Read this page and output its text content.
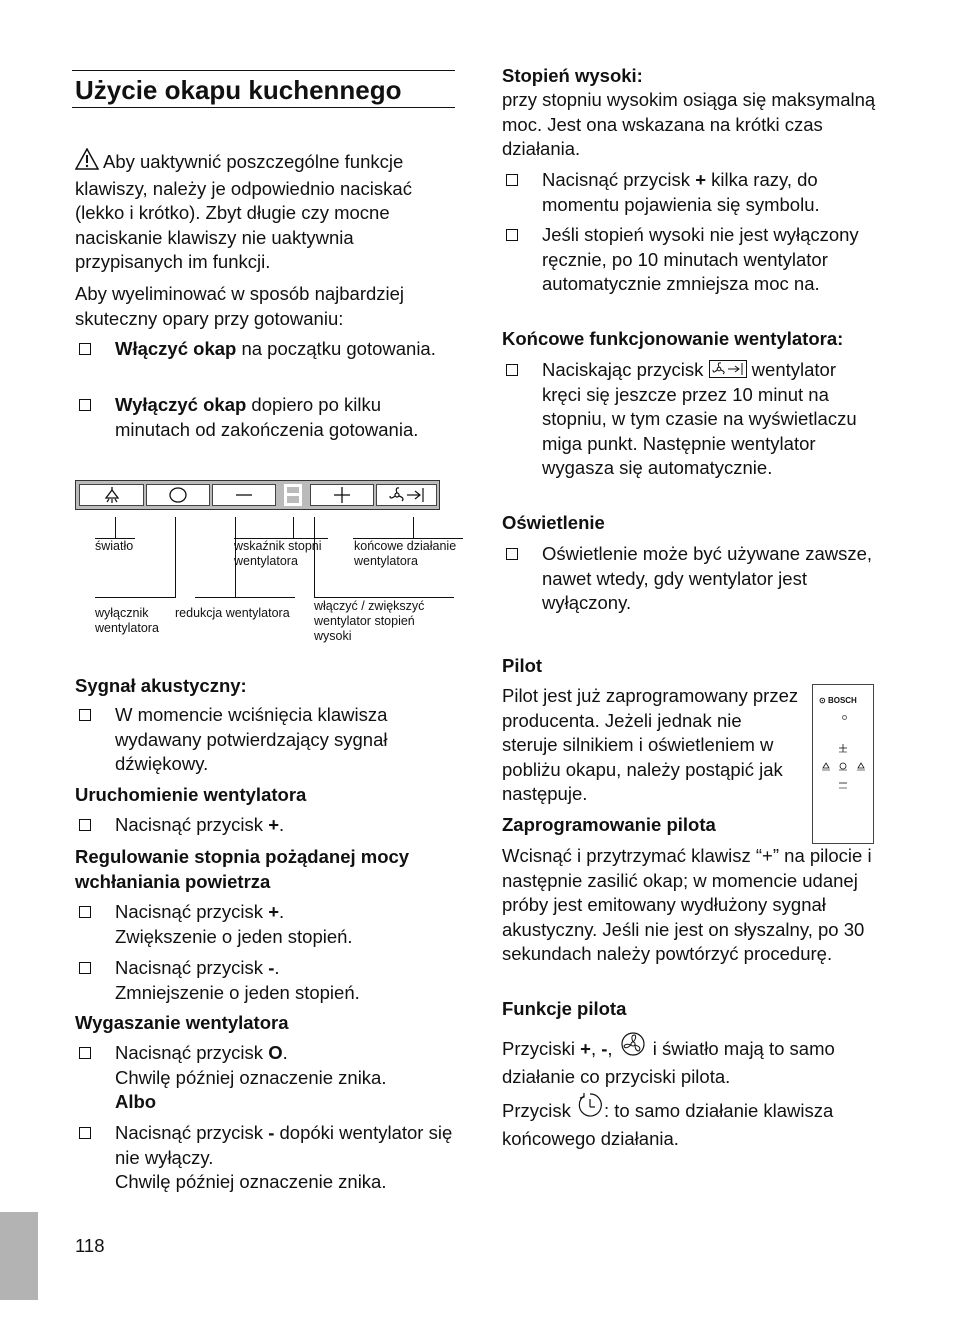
Użycie okapu kuchennego
Aby uaktywnić poszczególne funkcje klawiszy, należy je odpowiednio naciskać (lekko i krótko). Zbyt długie czy mocne naciskanie klawiszy nie uaktywnia przypisanych im funkcji.

Aby wyeliminować w sposób najbardziej skuteczny opary przy gotowaniu:

Włączyć okap na początku gotowania.

Wyłączyć okap dopiero po kilku minutach od zakończenia gotowania.

światło	wskaźnik stopni wentylatora
końcowe działanie wentylatora
wyłącznik wentylatora
redukcja wentylatora włączyć / zwiększyć wentylator stopień wysoki

Sygnał akustyczny:

W momencie wciśnięcia klawisza wydawany potwierdzający sygnał dźwiękowy.

Uruchomienie wentylatora

Nacisnąć przycisk +.

Regulowanie stopnia pożądanej mocy wchłaniania powietrza

Nacisnąć przycisk +.
Zwiększenie o jeden stopień.

Nacisnąć przycisk -.
Zmniejszenie o jeden stopień.

Wygaszanie wentylatora

Nacisnąć przycisk O.
Chwilę później oznaczenie znika.
Albo

Nacisnąć przycisk - dopóki wentylator się nie wyłączy.
Chwilę później oznaczenie znika.

118

Stopień wysoki:

przy stopniu wysokim osiąga się maksymalną moc. Jest ona wskazana na krótki czas działania.

Nacisnąć przycisk + kilka razy, do momentu pojawienia się symbolu.

Jeśli stopień wysoki nie jest wyłączony ręcznie, po 10 minutach wentylator automatycznie zmniejsza moc na.

Końcowe funkcjonowanie wentylatora:

Naciskając przycisk
wentylator kręci się jeszcze przez 10 minut na stopniu, w tym czasie na wyświetlaczu miga punkt. Następnie wentylator wygasza się automatycznie.

Oświetlenie

Oświetlenie może być używane zawsze, nawet wtedy, gdy wentylator jest wyłączony.

Pilot

Pilot jest już zaprogramowany przez producenta. Jeżeli jednak nie steruje silnikiem i oświetleniem w pobliżu okapu, należy postąpić jak następuje.

⊙ BOSCH

Zaprogramowanie pilota

Wcisnąć i przytrzymać klawisz “+” na pilocie i następnie zasilić okap; w momencie udanej próby jest emitowany wydłużony sygnał akustyczny. Jeśli nie jest on słyszalny, po 30 sekundach należy powtórzyć procedurę.

Funkcje pilota

Przyciski +, -,  i światło mają to samo działanie co przyciski pilota.

Przycisk : to samo działanie klawisza końcowego działania.
